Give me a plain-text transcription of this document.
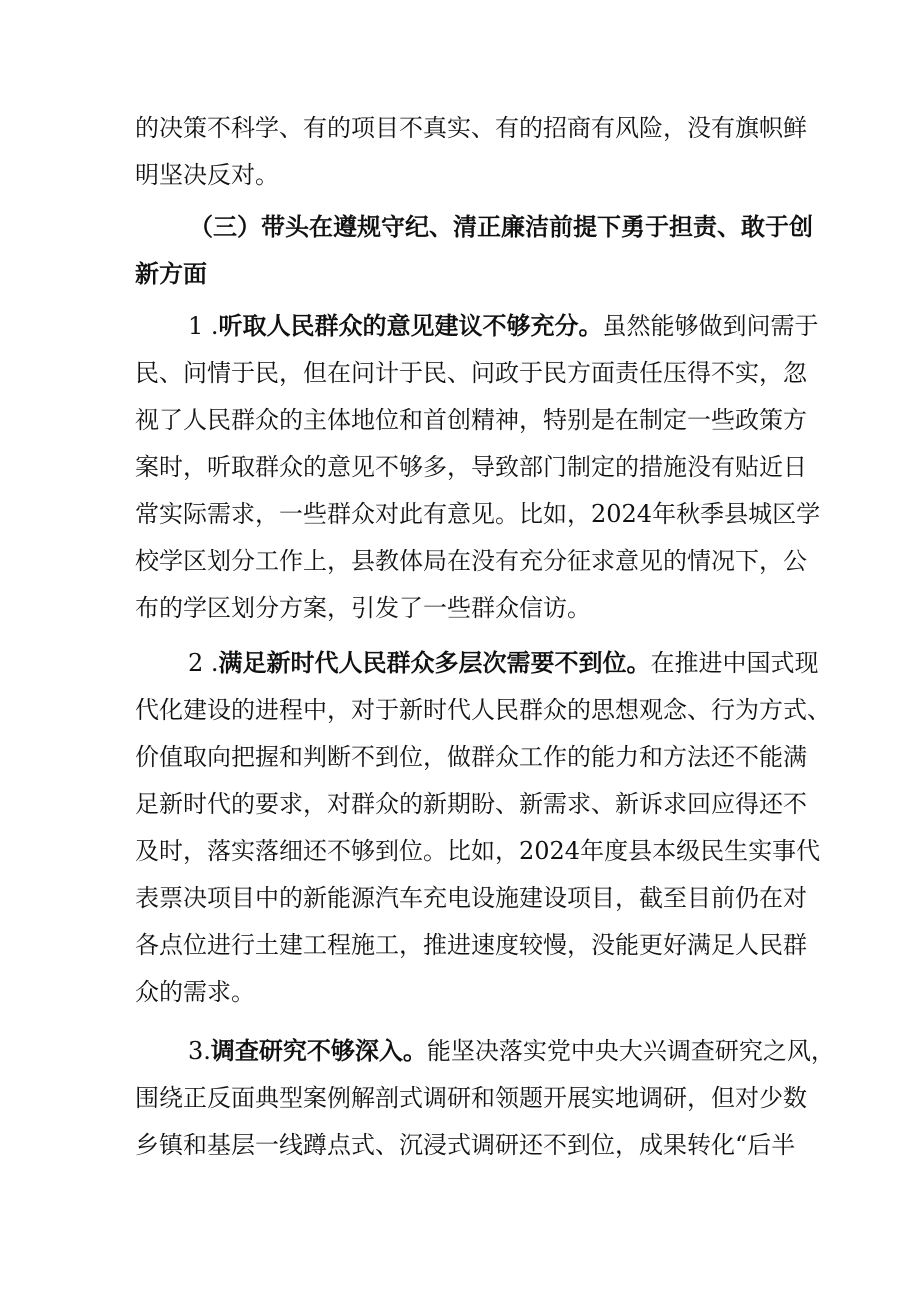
的决策不科学、有的项目不真实、有的招商有风险，没有旗帜鲜
明坚决反对。
（三）带头在遵规守纪、清正廉洁前提下勇于担责、敢于创
新方面
1 .听取人民群众的意见建议不够充分。虽然能够做到问需于
民、问情于民，但在问计于民、问政于民方面责任压得不实，忽
视了人民群众的主体地位和首创精神，特别是在制定一些政策方
案时，听取群众的意见不够多，导致部门制定的措施没有贴近日
常实际需求，一些群众对此有意见。比如，2024年秋季县城区学
校学区划分工作上，县教体局在没有充分征求意见的情况下，公
布的学区划分方案，引发了一些群众信访。
2 .满足新时代人民群众多层次需要不到位。在推进中国式现
代化建设的进程中，对于新时代人民群众的思想观念、行为方式、
价值取向把握和判断不到位，做群众工作的能力和方法还不能满
足新时代的要求，对群众的新期盼、新需求、新诉求回应得还不
及时，落实落细还不够到位。比如，2024年度县本级民生实事代
表票决项目中的新能源汽车充电设施建设项目，截至目前仍在对
各点位进行土建工程施工，推进速度较慢，没能更好满足人民群
众的需求。
3.调查研究不够深入。能坚决落实党中央大兴调查研究之风，
围绕正反面典型案例解剖式调研和领题开展实地调研，但对少数
乡镇和基层一线蹲点式、沉浸式调研还不到位，成果转化“后半
